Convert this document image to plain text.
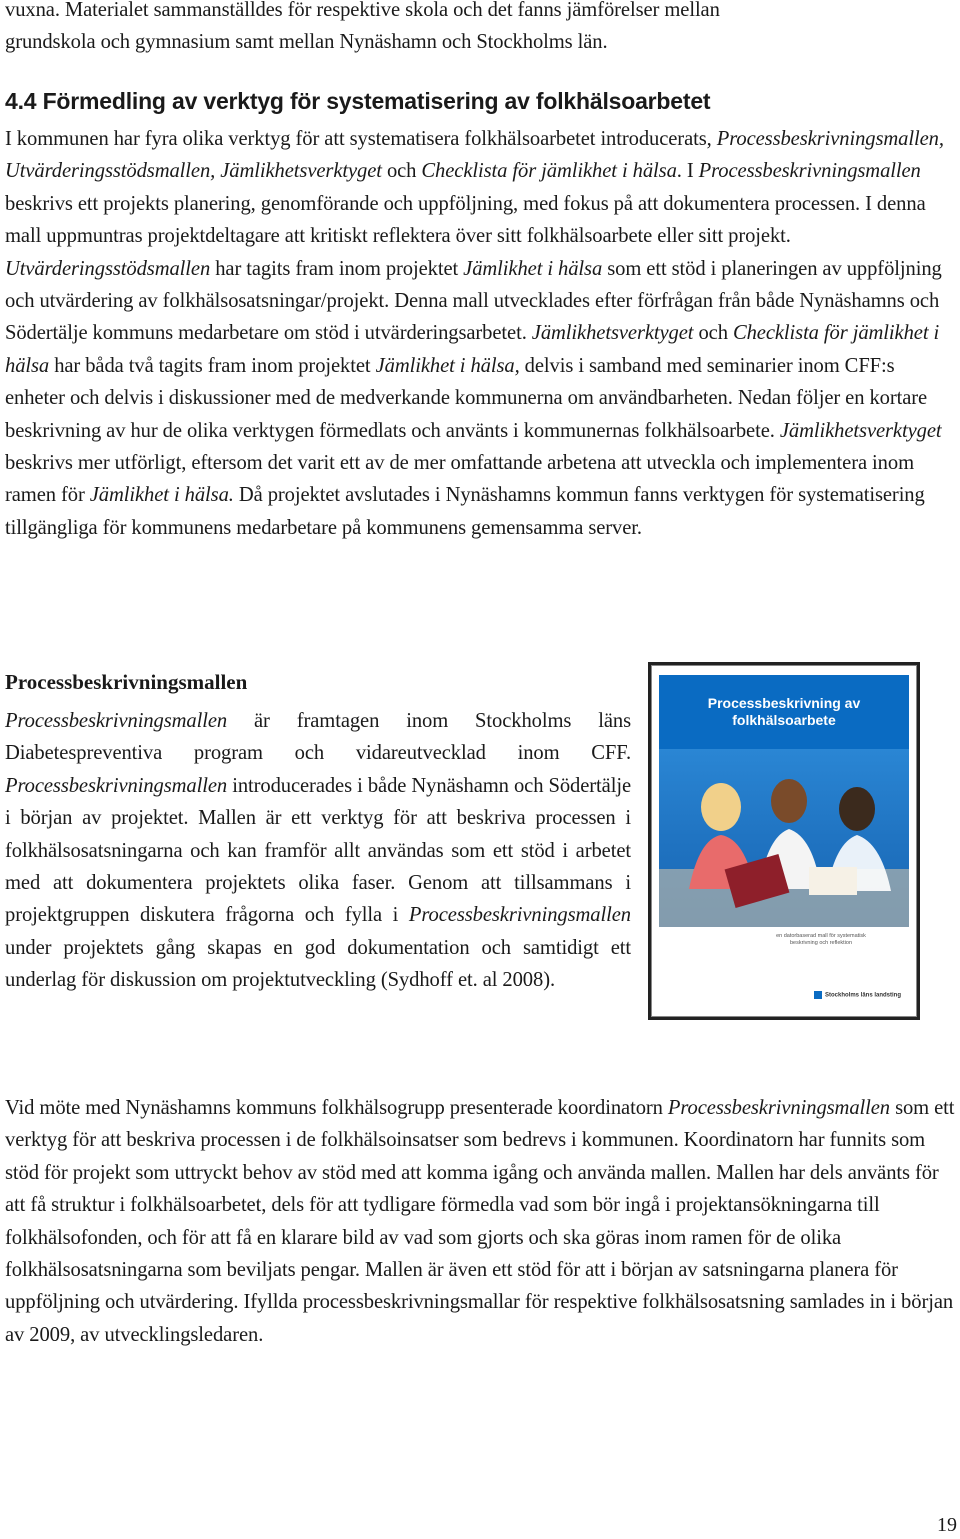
vuxna. Materialet sammanställdes för respektive skola och det fanns jämförelser mellan
grundskola och gymnasium samt mellan Nynäshamn och Stockholms län.

4.4 Förmedling av verktyg för systematisering av folkhälsoarbetet

I kommunen har fyra olika verktyg för att systematisera folkhälsoarbetet introducerats, Processbeskrivningsmallen, Utvärderingsstödsmallen, Jämlikhetsverktyget och Checklista för jämlikhet i hälsa. I Processbeskrivningsmallen beskrivs ett projekts planering, genomförande och uppföljning, med fokus på att dokumentera processen. I denna mall uppmuntras projektdeltagare att kritiskt reflektera över sitt folkhälsoarbete eller sitt projekt. Utvärderingsstödsmallen har tagits fram inom projektet Jämlikhet i hälsa som ett stöd i planeringen av uppföljning och utvärdering av folkhälsosatsningar/projekt. Denna mall utvecklades efter förfrågan från både Nynäshamns och Södertälje kommuns medarbetare om stöd i utvärderingsarbetet. Jämlikhetsverktyget och Checklista för jämlikhet i hälsa har båda två tagits fram inom projektet Jämlikhet i hälsa, delvis i samband med seminarier inom CFF:s enheter och delvis i diskussioner med de medverkande kommunerna om användbarheten. Nedan följer en kortare beskrivning av hur de olika verktygen förmedlats och använts i kommunernas folkhälsoarbete. Jämlikhetsverktyget beskrivs mer utförligt, eftersom det varit ett av de mer omfattande arbetena att utveckla och implementera inom ramen för Jämlikhet i hälsa. Då projektet avslutades i Nynäshamns kommun fanns verktygen för systematisering tillgängliga för kommunens medarbetare på kommunens gemensamma server.

Processbeskrivningsmallen

Processbeskrivningsmallen är framtagen inom Stockholms läns Diabetespreventiva program och vidareutvecklad inom CFF. Processbeskrivningsmallen introducerades i både Nynäshamn och Södertälje i början av projektet. Mallen är ett verktyg för att beskriva processen i folkhälsosatsningarna och kan framför allt användas som ett stöd i arbetet med att dokumentera projektets olika faser. Genom att tillsammans i projektgruppen diskutera frågorna och fylla i Processbeskrivningsmallen under projektets gång skapas en god dokumentation och samtidigt ett underlag för diskussion om projektutveckling (Sydhoff et. al 2008).

Processbeskrivning av
folkhälsoarbete
en datorbaserad mall för systematisk
beskrivning och reflektion
Stockholms läns landsting

Vid möte med Nynäshamns kommuns folkhälsogrupp presenterade koordinatorn Processbeskrivningsmallen som ett verktyg för att beskriva processen i de folkhälsoinsatser som bedrevs i kommunen. Koordinatorn har funnits som stöd för projekt som uttryckt behov av stöd med att komma igång och använda mallen. Mallen har dels använts för att få struktur i folkhälsoarbetet, dels för att tydligare förmedla vad som bör ingå i projektansökningarna till folkhälsofonden, och för att få en klarare bild av vad som gjorts och ska göras inom ramen för de olika folkhälsosatsningarna som beviljats pengar. Mallen är även ett stöd för att i början av satsningarna planera för uppföljning och utvärdering. Ifyllda processbeskrivningsmallar för respektive folkhälsosatsning samlades in i början av 2009, av utvecklingsledaren.

19
